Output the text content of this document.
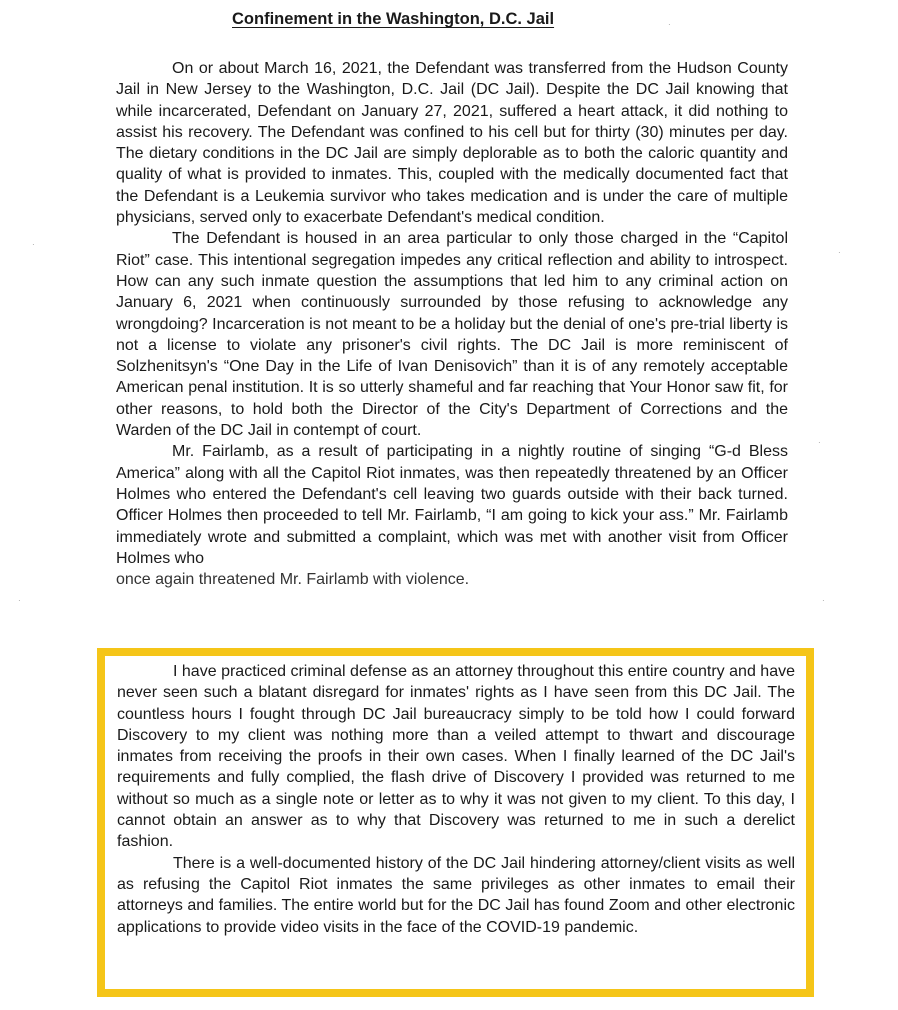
Confinement in the Washington, D.C. Jail

On or about March 16, 2021, the Defendant was transferred from the Hudson County Jail in New Jersey to the Washington, D.C. Jail (DC Jail). Despite the DC Jail knowing that while incarcerated, Defendant on January 27, 2021, suffered a heart attack, it did nothing to assist his recovery. The Defendant was confined to his cell but for thirty (30) minutes per day. The dietary conditions in the DC Jail are simply deplorable as to both the caloric quantity and quality of what is provided to inmates. This, coupled with the medically documented fact that the Defendant is a Leukemia survivor who takes medication and is under the care of multiple physicians, served only to exacerbate Defendant's medical condition.

The Defendant is housed in an area particular to only those charged in the “Capitol Riot” case. This intentional segregation impedes any critical reflection and ability to introspect. How can any such inmate question the assumptions that led him to any criminal action on January 6, 2021 when continuously surrounded by those refusing to acknowledge any wrongdoing? Incarceration is not meant to be a holiday but the denial of one's pre-trial liberty is not a license to violate any prisoner's civil rights. The DC Jail is more reminiscent of Solzhenitsyn's “One Day in the Life of Ivan Denisovich” than it is of any remotely acceptable American penal institution. It is so utterly shameful and far reaching that Your Honor saw fit, for other reasons, to hold both the Director of the City's Department of Corrections and the Warden of the DC Jail in contempt of court.

Mr. Fairlamb, as a result of participating in a nightly routine of singing “G-d Bless America” along with all the Capitol Riot inmates, was then repeatedly threatened by an Officer Holmes who entered the Defendant's cell leaving two guards outside with their back turned. Officer Holmes then proceeded to tell Mr. Fairlamb, “I am going to kick your ass.” Mr. Fairlamb immediately wrote and submitted a complaint, which was met with another visit from Officer Holmes who

once again threatened Mr. Fairlamb with violence.

I have practiced criminal defense as an attorney throughout this entire country and have never seen such a blatant disregard for inmates' rights as I have seen from this DC Jail. The countless hours I fought through DC Jail bureaucracy simply to be told how I could forward Discovery to my client was nothing more than a veiled attempt to thwart and discourage inmates from receiving the proofs in their own cases. When I finally learned of the DC Jail's requirements and fully complied, the flash drive of Discovery I provided was returned to me without so much as a single note or letter as to why it was not given to my client. To this day, I cannot obtain an answer as to why that Discovery was returned to me in such a derelict fashion.

There is a well-documented history of the DC Jail hindering attorney/client visits as well as refusing the Capitol Riot inmates the same privileges as other inmates to email their attorneys and families. The entire world but for the DC Jail has found Zoom and other electronic applications to provide video visits in the face of the COVID-19 pandemic.

·
·
·
·
·
·
